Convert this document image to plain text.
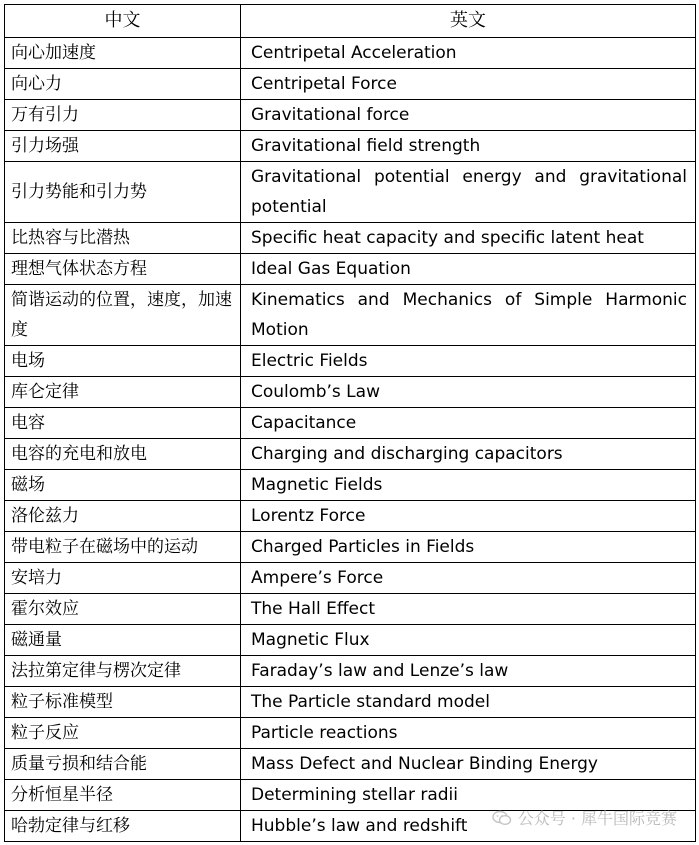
中文	英文
向心加速度	Centripetal Acceleration
向心力	Centripetal Force
万有引力	Gravitational force
引力场强	Gravitational field strength
引力势能和引力势	Gravitational potential energy and gravitational potential
比热容与比潜热	Specific heat capacity and specific latent heat
理想气体状态方程	Ideal Gas Equation
简谐运动的位置，速度，加速度	Kinematics and Mechanics of Simple Harmonic Motion
电场	Electric Fields
库仑定律	Coulomb’s Law
电容	Capacitance
电容的充电和放电	Charging and discharging capacitors
磁场	Magnetic Fields
洛伦兹力	Lorentz Force
带电粒子在磁场中的运动	Charged Particles in Fields
安培力	Ampere’s Force
霍尔效应	The Hall Effect
磁通量	Magnetic Flux
法拉第定律与楞次定律	Faraday’s law and Lenze’s law
粒子标准模型	The Particle standard model
粒子反应	Particle reactions
质量亏损和结合能	Mass Defect and Nuclear Binding Energy
分析恒星半径	Determining stellar radii
哈勃定律与红移	Hubble’s law and redshift	公众号 · 犀牛国际竞赛
